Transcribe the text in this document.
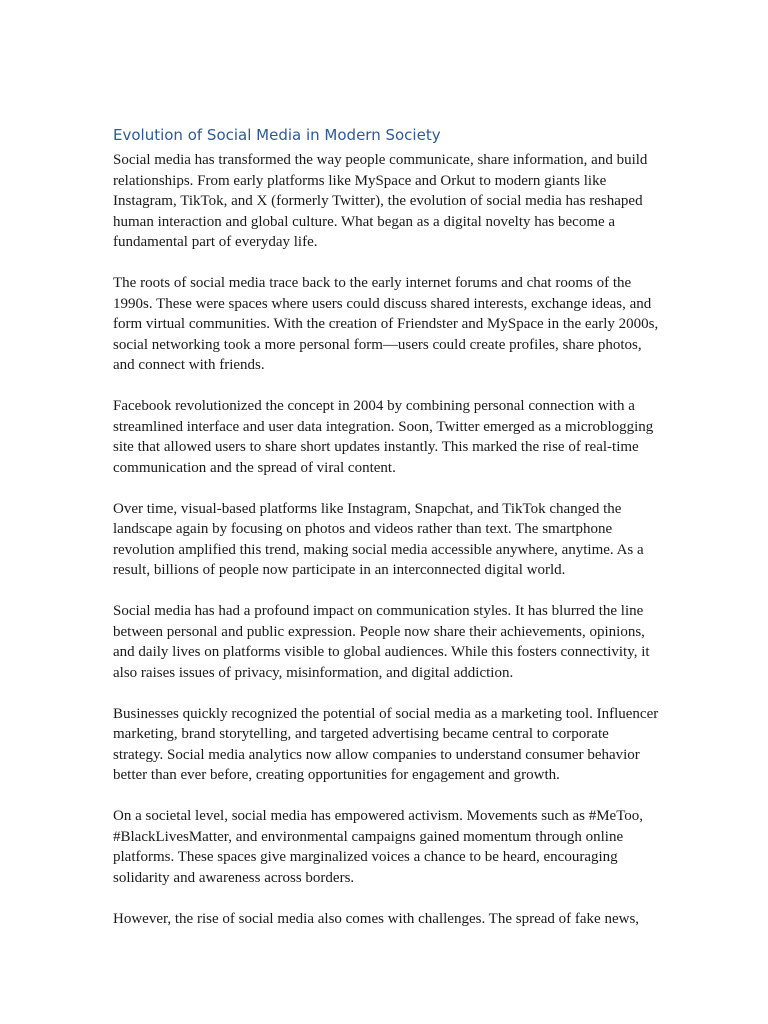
Evolution of Social Media in Modern Society

Social media has transformed the way people communicate, share information, and build relationships. From early platforms like MySpace and Orkut to modern giants like Instagram, TikTok, and X (formerly Twitter), the evolution of social media has reshaped human interaction and global culture. What began as a digital novelty has become a fundamental part of everyday life.

The roots of social media trace back to the early internet forums and chat rooms of the 1990s. These were spaces where users could discuss shared interests, exchange ideas, and form virtual communities. With the creation of Friendster and MySpace in the early 2000s, social networking took a more personal form—users could create profiles, share photos, and connect with friends.

Facebook revolutionized the concept in 2004 by combining personal connection with a streamlined interface and user data integration. Soon, Twitter emerged as a microblogging site that allowed users to share short updates instantly. This marked the rise of real-time communication and the spread of viral content.

Over time, visual-based platforms like Instagram, Snapchat, and TikTok changed the landscape again by focusing on photos and videos rather than text. The smartphone revolution amplified this trend, making social media accessible anywhere, anytime. As a result, billions of people now participate in an interconnected digital world.

Social media has had a profound impact on communication styles. It has blurred the line between personal and public expression. People now share their achievements, opinions, and daily lives on platforms visible to global audiences. While this fosters connectivity, it also raises issues of privacy, misinformation, and digital addiction.

Businesses quickly recognized the potential of social media as a marketing tool. Influencer marketing, brand storytelling, and targeted advertising became central to corporate strategy. Social media analytics now allow companies to understand consumer behavior better than ever before, creating opportunities for engagement and growth.

On a societal level, social media has empowered activism. Movements such as #MeToo, #BlackLivesMatter, and environmental campaigns gained momentum through online platforms. These spaces give marginalized voices a chance to be heard, encouraging solidarity and awareness across borders.

However, the rise of social media also comes with challenges. The spread of fake news,
